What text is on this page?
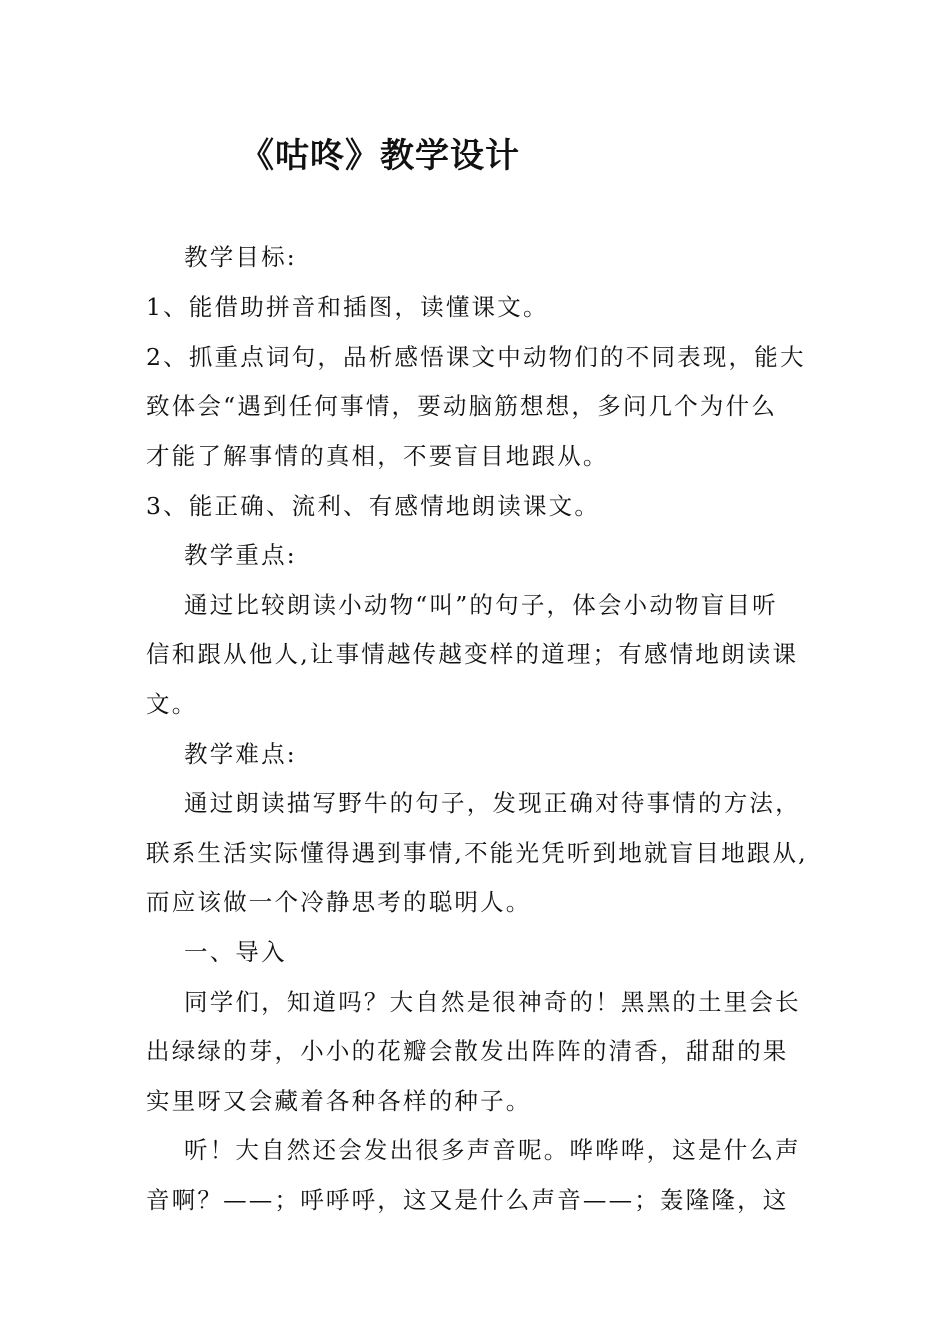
《咕咚》教学设计
教学目标:
1、能借助拼音和插图，读懂课文。
2、抓重点词句，品析感悟课文中动物们的不同表现，能大
致体会“遇到任何事情，要动脑筋想想，多问几个为什么
才能了解事情的真相，不要盲目地跟从。
3、能正确、流利、有感情地朗读课文。
教学重点:
通过比较朗读小动物“叫”的句子，体会小动物盲目听
信和跟从他人,让事情越传越变样的道理；有感情地朗读课
文。
教学难点:
通过朗读描写野牛的句子，发现正确对待事情的方法，
联系生活实际懂得遇到事情,不能光凭听到地就盲目地跟从,
而应该做一个冷静思考的聪明人。
一、导入
同学们，知道吗？大自然是很神奇的！黑黑的土里会长
出绿绿的芽，小小的花瓣会散发出阵阵的清香，甜甜的果
实里呀又会藏着各种各样的种子。
听！大自然还会发出很多声音呢。哗哗哗，这是什么声
音啊？——；呼呼呼，这又是什么声音——；轰隆隆，这
